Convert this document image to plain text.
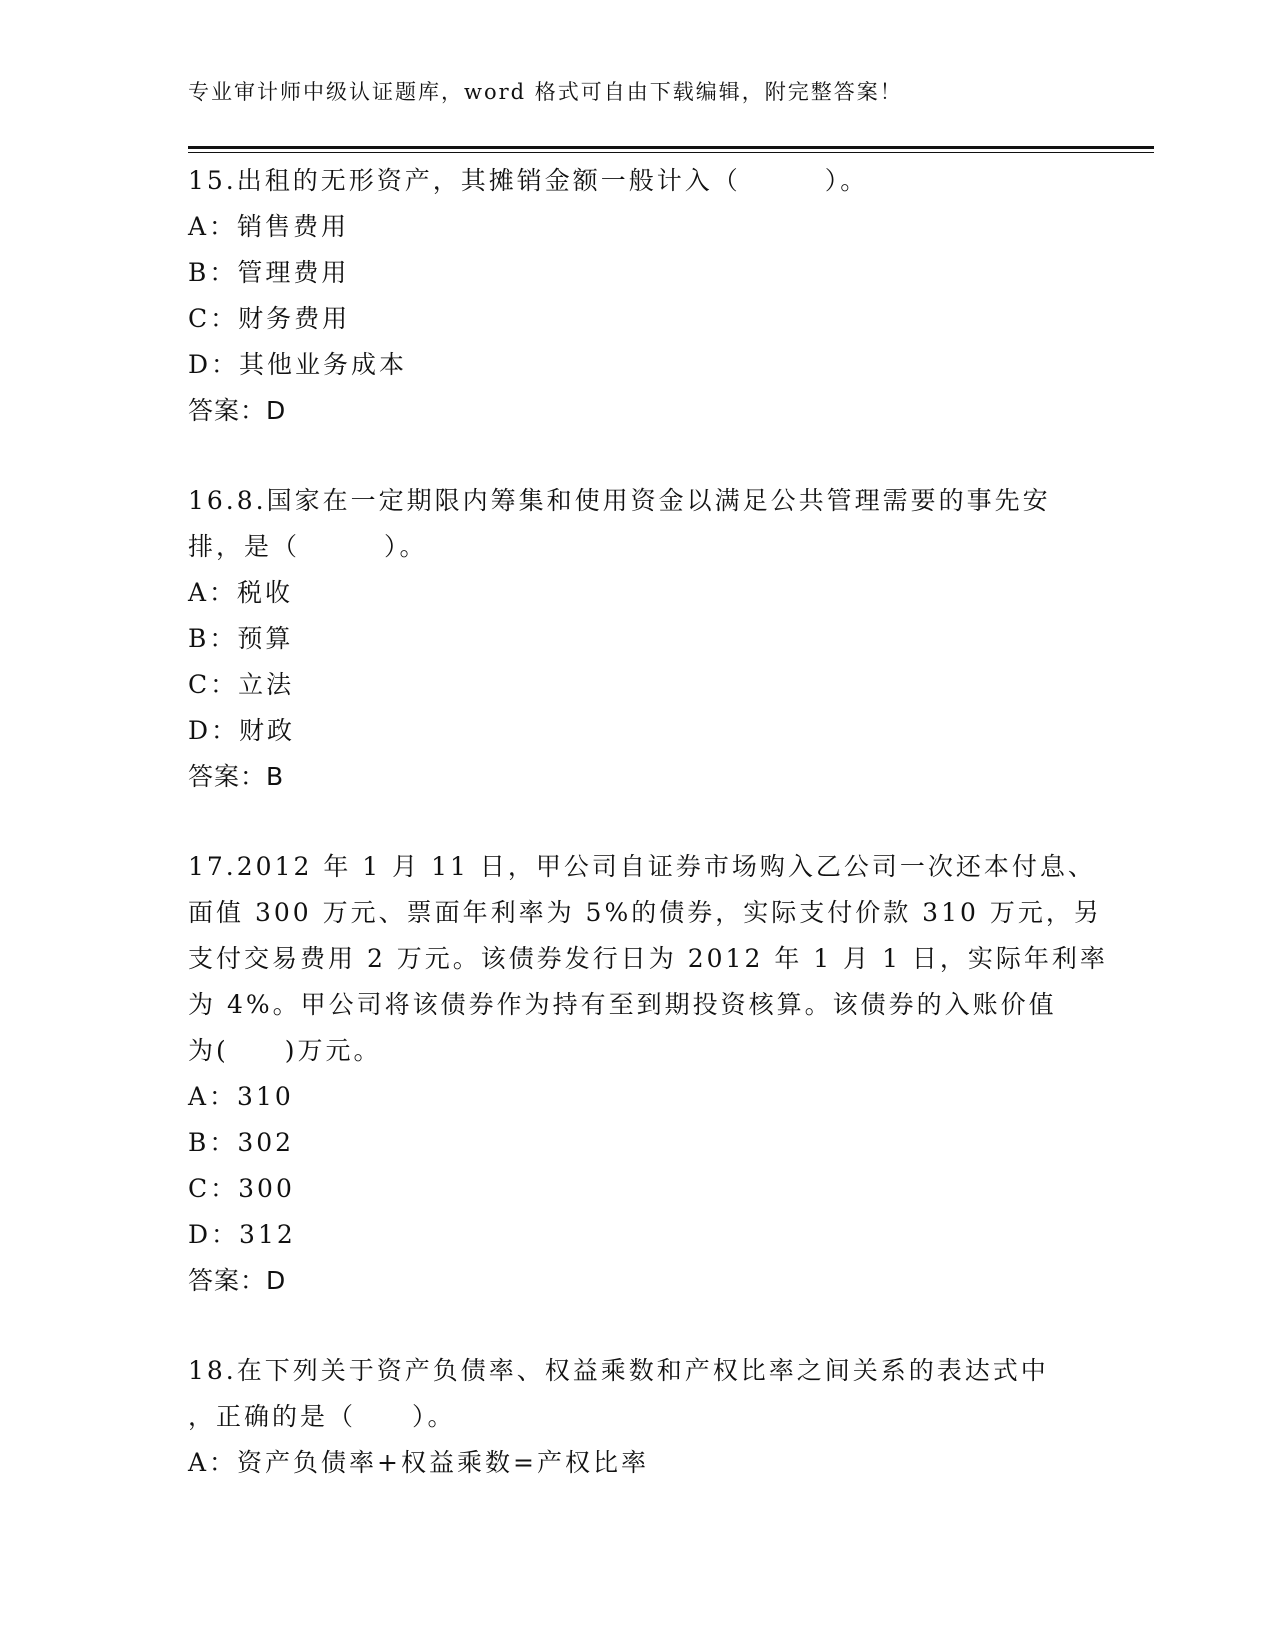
专业审计师中级认证题库，word 格式可自由下载编辑，附完整答案！
15.出租的无形资产，其摊销金额一般计入（　　　）。
A：销售费用
B：管理费用
C：财务费用
D：其他业务成本
答案：D
16.8.国家在一定期限内筹集和使用资金以满足公共管理需要的事先安
排，是（　　　）。
A：税收
B：预算
C：立法
D：财政
答案：B
17.2012 年 1 月 11 日，甲公司自证券市场购入乙公司一次还本付息、
面值 300 万元、票面年利率为 5%的债券，实际支付价款 310 万元，另
支付交易费用 2 万元。该债券发行日为 2012 年 1 月 1 日，实际年利率
为 4%。甲公司将该债券作为持有至到期投资核算。该债券的入账价值
为(　　)万元。
A：310
B：302
C：300
D：312
答案：D
18.在下列关于资产负债率、权益乘数和产权比率之间关系的表达式中
，正确的是（　　）。
A：资产负债率+权益乘数=产权比率
